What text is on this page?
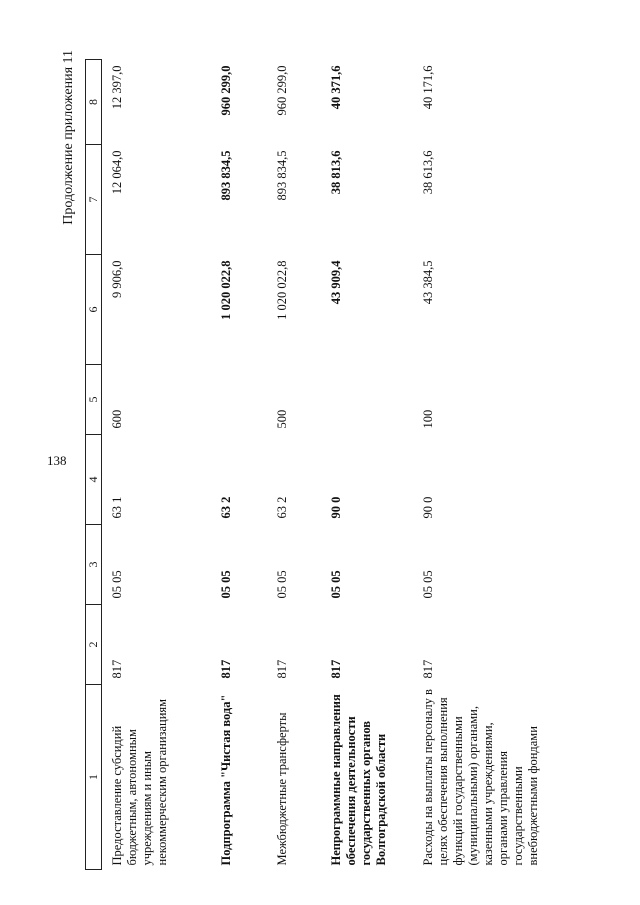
138
Продолжение приложения 11
1	2	3	4	5	6	7	8
Предоставление субсидий бюджетным, автономным учреждениям и иным некоммерческим организациям	817	05 05	63 1	600	9 906,0	12 064,0	12 397,0
Подпрограмма "Чистая вода"	817	05 05	63 2		1 020 022,8	893 834,5	960 299,0
Межбюджетные трансферты	817	05 05	63 2	500	1 020 022,8	893 834,5	960 299,0
Непрограммные направления обеспечения деятельности государственных органов Волгоградской области	817	05 05	90 0		43 909,4	38 813,6	40 371,6
Расходы на выплаты персоналу в целях обеспечения выполнения функций государственными (муниципальными) органами, казенными учреждениями, органами управления государственными внебюджетными фондами	817	05 05	90 0	100	43 384,5	38 613,6	40 171,6
